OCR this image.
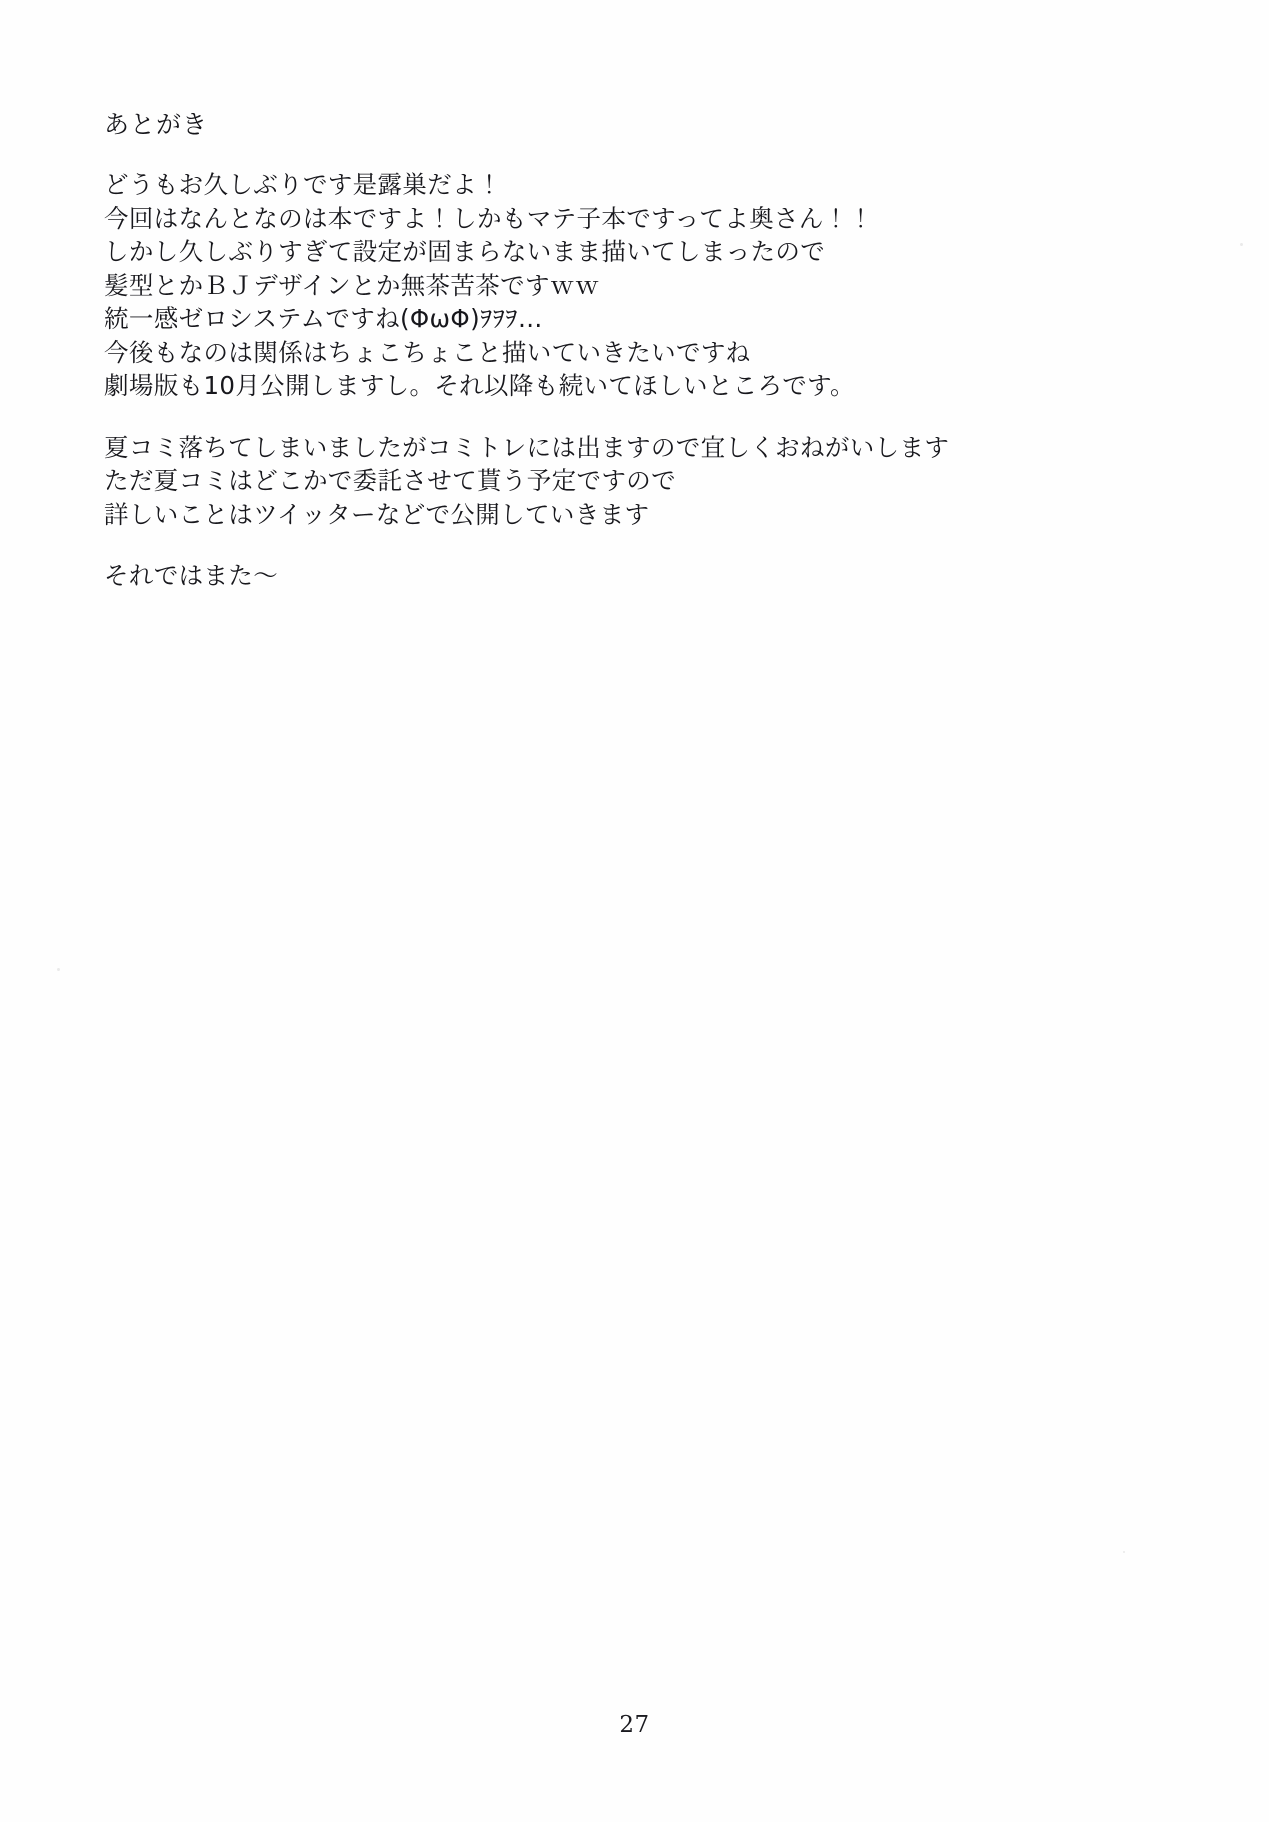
あとがき
どうもお久しぶりです是露巣だよ！
今回はなんとなのは本ですよ！しかもマテ子本ですってよ奥さん！！
しかし久しぶりすぎて設定が固まらないまま描いてしまったので
髪型とかＢＪデザインとか無茶苦茶ですｗｗ
統一感ゼロシステムですね(ΦωΦ)ｦｦｦ…
今後もなのは関係はちょこちょこと描いていきたいですね
劇場版も10月公開しますし。それ以降も続いてほしいところです。
夏コミ落ちてしまいましたがコミトレには出ますので宜しくおねがいします
ただ夏コミはどこかで委託させて貰う予定ですので
詳しいことはツイッターなどで公開していきます
それではまた〜
27
